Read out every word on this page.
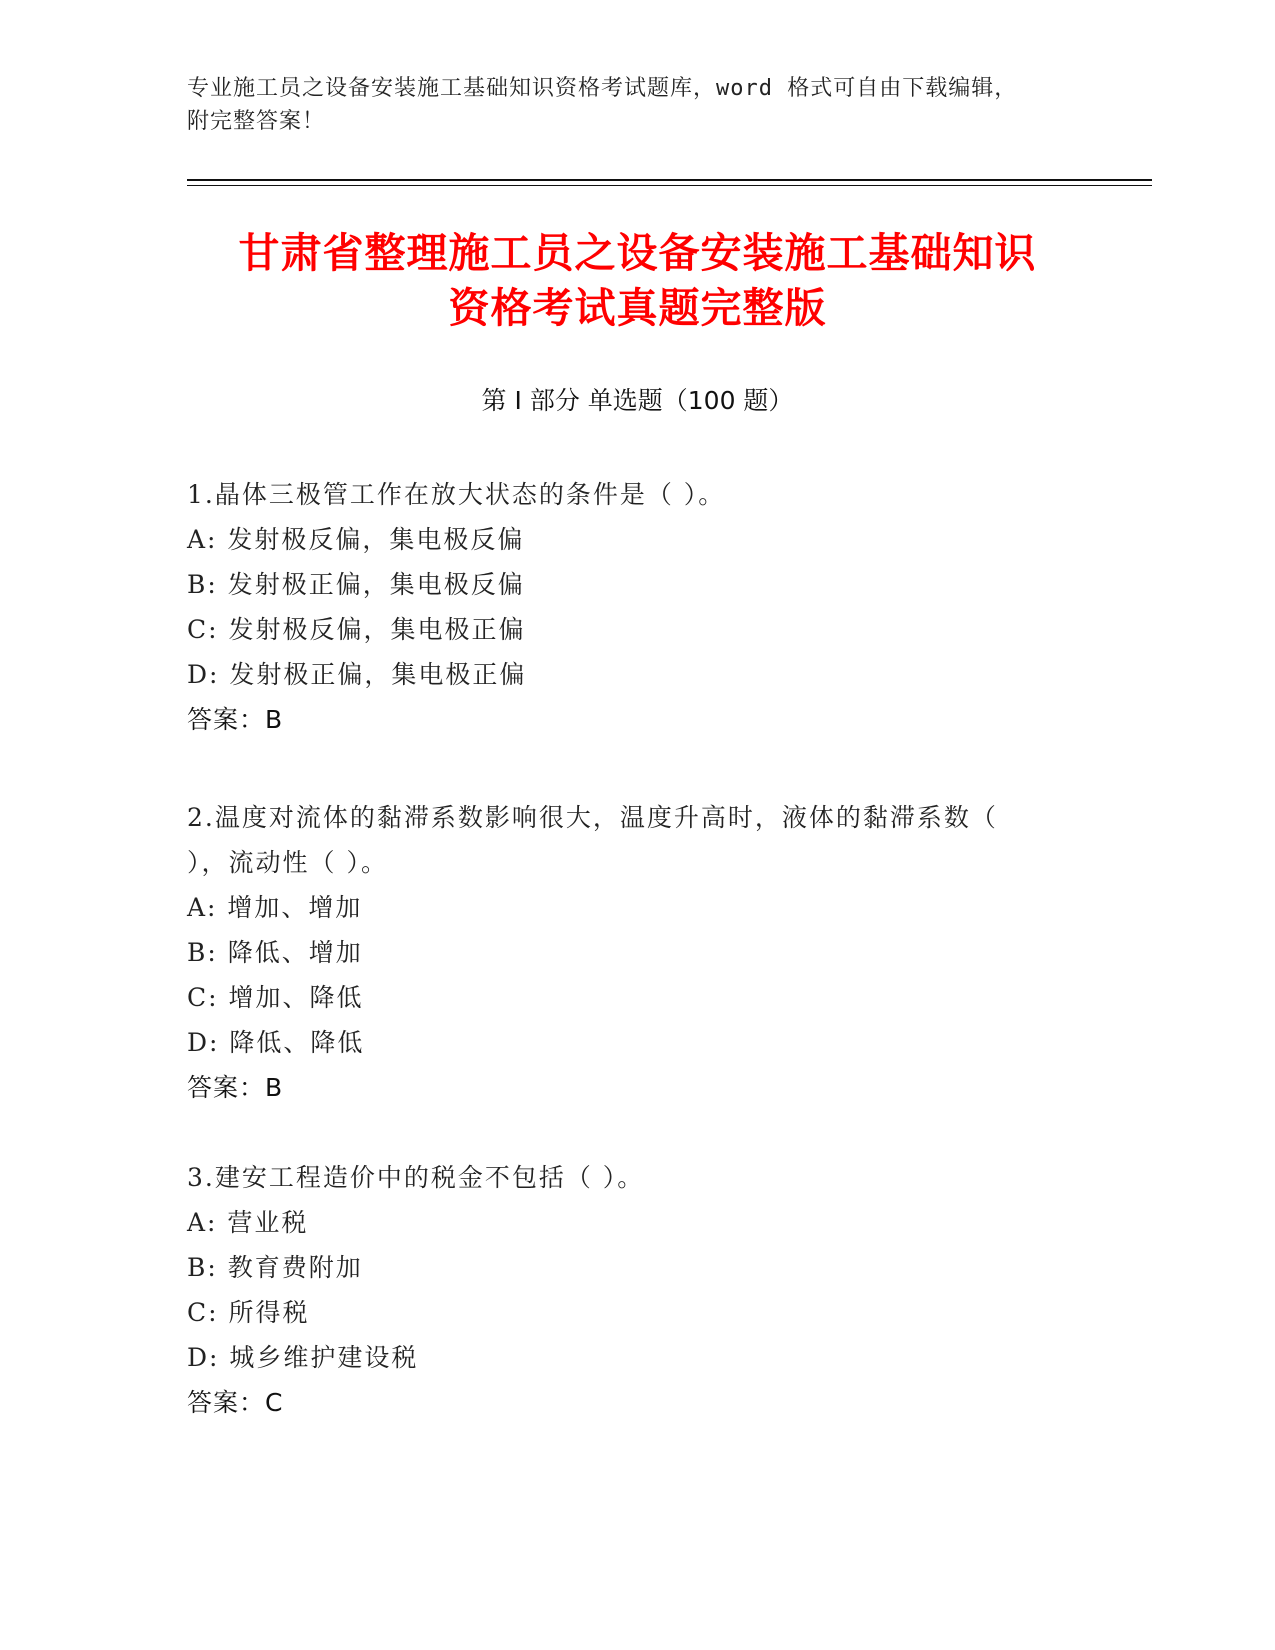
专业施工员之设备安装施工基础知识资格考试题库，word 格式可自由下载编辑，
附完整答案！
甘肃省整理施工员之设备安装施工基础知识
资格考试真题完整版
第 I 部分 单选题（100 题）
1.晶体三极管工作在放大状态的条件是（ ）。
A: 发射极反偏，集电极反偏
B: 发射极正偏，集电极反偏
C: 发射极反偏，集电极正偏
D: 发射极正偏，集电极正偏
答案：B
2.温度对流体的黏滞系数影响很大，温度升高时，液体的黏滞系数（
），流动性（ ）。
A: 增加、增加
B: 降低、增加
C: 增加、降低
D: 降低、降低
答案：B
3.建安工程造价中的税金不包括（ ）。
A: 营业税
B: 教育费附加
C: 所得税
D: 城乡维护建设税
答案：C
